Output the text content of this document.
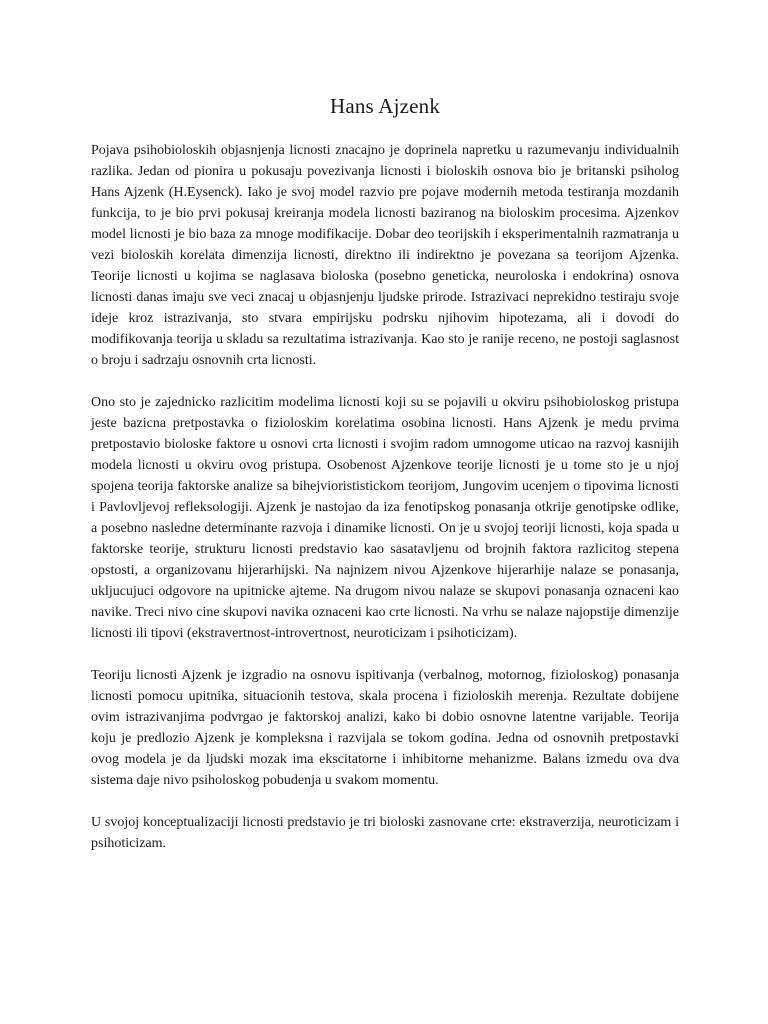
Hans Ajzenk

Pojava psihobioloskih objasnjenja licnosti znacajno je doprinela napretku u razumevanju individualnih razlika. Jedan od pionira u pokusaju povezivanja licnosti i bioloskih osnova bio je britanski psiholog Hans Ajzenk (H.Eysenck). Iako je svoj model razvio pre pojave modernih metoda testiranja mozdanih funkcija, to je bio prvi pokusaj kreiranja modela licnosti baziranog na bioloskim procesima. Ajzenkov model licnosti je bio baza za mnoge modifikacije. Dobar deo teorijskih i eksperimentalnih razmatranja u vezi bioloskih korelata dimenzija licnosti, direktno ili indirektno je povezana sa teorijom Ajzenka. Teorije licnosti u kojima se naglasava bioloska (posebno geneticka, neuroloska i endokrina) osnova licnosti danas imaju sve veci znacaj u objasnjenju ljudske prirode. Istrazivaci neprekidno testiraju svoje ideje kroz istrazivanja, sto stvara empirijsku podrsku njihovim hipotezama, ali i dovodi do modifikovanja teorija u skladu sa rezultatima istrazivanja. Kao sto je ranije receno, ne postoji saglasnost o broju i sadrzaju osnovnih crta licnosti.

Ono sto je zajednicko razlicitim modelima licnosti koji su se pojavili u okviru psihobioloskog pristupa jeste bazicna pretpostavka o fizioloskim korelatima osobina licnosti. Hans Ajzenk je medu prvima pretpostavio bioloske faktore u osnovi crta licnosti i svojim radom umnogome uticao na razvoj kasnijih modela licnosti u okviru ovog pristupa. Osobenost Ajzenkove teorije licnosti je u tome sto je u njoj spojena teorija faktorske analize sa bihejviorististickom teorijom, Jungovim ucenjem o tipovima licnosti i Pavlovljevoj refleksologiji. Ajzenk je nastojao da iza fenotipskog ponasanja otkrije genotipske odlike, a posebno nasledne determinante razvoja i dinamike licnosti. On je u svojoj teoriji licnosti, koja spada u faktorske teorije, strukturu licnosti predstavio kao sasatavljenu od brojnih faktora razlicitog stepena opstosti, a organizovanu hijerarhijski. Na najnizem nivou Ajzenkove hijerarhije nalaze se ponasanja, ukljucujuci odgovore na upitnicke ajteme. Na drugom nivou nalaze se skupovi ponasanja oznaceni kao navike. Treci nivo cine skupovi navika oznaceni kao crte licnosti. Na vrhu se nalaze najopstije dimenzije licnosti ili tipovi (ekstravertnost-introvertnost, neuroticizam i psihoticizam).

Teoriju licnosti Ajzenk je izgradio na osnovu ispitivanja (verbalnog, motornog, fizioloskog) ponasanja licnosti pomocu upitnika, situacionih testova, skala procena i fizioloskih merenja. Rezultate dobijene ovim istrazivanjima podvrgao je faktorskoj analizi, kako bi dobio osnovne latentne varijable. Teorija koju je predlozio Ajzenk je kompleksna i razvijala se tokom godina. Jedna od osnovnih pretpostavki ovog modela je da ljudski mozak ima ekscitatorne i inhibitorne mehanizme. Balans izmedu ova dva sistema daje nivo psiholoskog pobudenja u svakom momentu.

U svojoj konceptualizaciji licnosti predstavio je tri bioloski zasnovane crte: ekstraverzija, neuroticizam i psihoticizam.
